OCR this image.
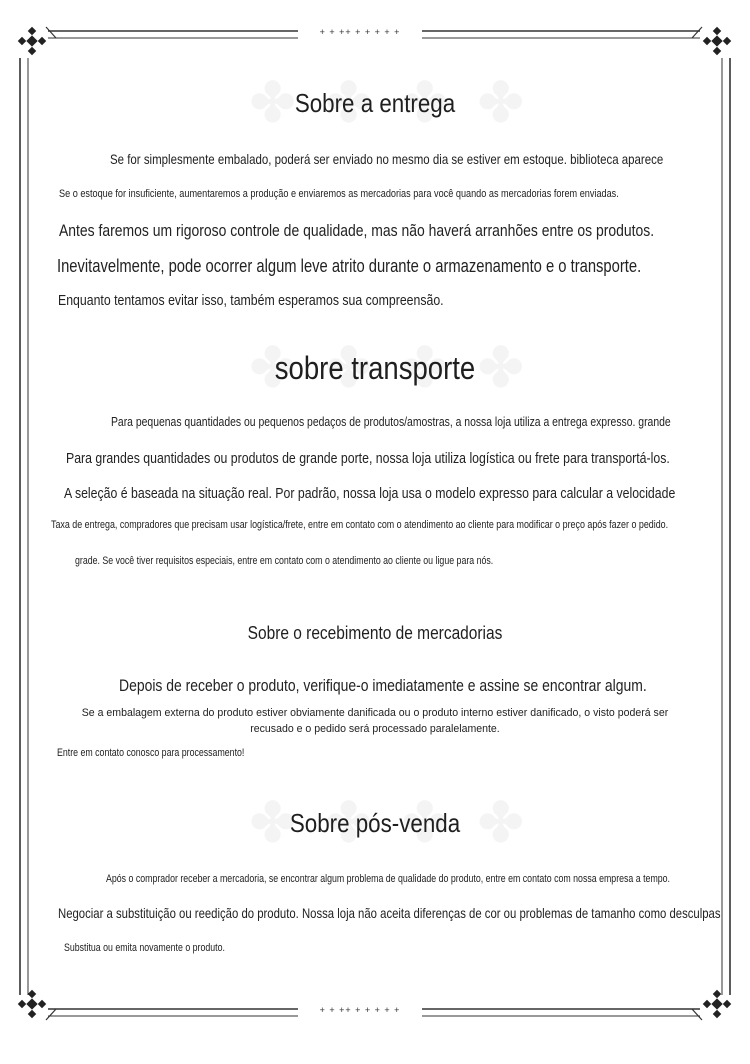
+ + ++ + + + + +
+ + ++ + + + + +
Sobre a entrega
Se for simplesmente embalado, poderá ser enviado no mesmo dia se estiver em estoque. biblioteca aparece
Se o estoque for insuficiente, aumentaremos a produção e enviaremos as mercadorias para você quando as mercadorias forem enviadas.
Antes faremos um rigoroso controle de qualidade, mas não haverá arranhões entre os produtos.
Inevitavelmente, pode ocorrer algum leve atrito durante o armazenamento e o transporte.
Enquanto tentamos evitar isso, também esperamos sua compreensão.
sobre transporte
Para pequenas quantidades ou pequenos pedaços de produtos/amostras, a nossa loja utiliza a entrega expresso. grande
Para grandes quantidades ou produtos de grande porte, nossa loja utiliza logística ou frete para transportá-los.
A seleção é baseada na situação real. Por padrão, nossa loja usa o modelo expresso para calcular a velocidade
Taxa de entrega, compradores que precisam usar logística/frete, entre em contato com o atendimento ao cliente para modificar o preço após fazer o pedido.
grade. Se você tiver requisitos especiais, entre em contato com o atendimento ao cliente ou ligue para nós.
Sobre o recebimento de mercadorias
Depois de receber o produto, verifique-o imediatamente e assine se encontrar algum.
Se a embalagem externa do produto estiver obviamente danificada ou o produto interno estiver danificado, o visto poderá ser recusado e o pedido será processado paralelamente.
Entre em contato conosco para processamento!
Sobre pós-venda
Após o comprador receber a mercadoria, se encontrar algum problema de qualidade do produto, entre em contato com nossa empresa a tempo.
Negociar a substituição ou reedição do produto. Nossa loja não aceita diferenças de cor ou problemas de tamanho como desculpas
Substitua ou emita novamente o produto.
